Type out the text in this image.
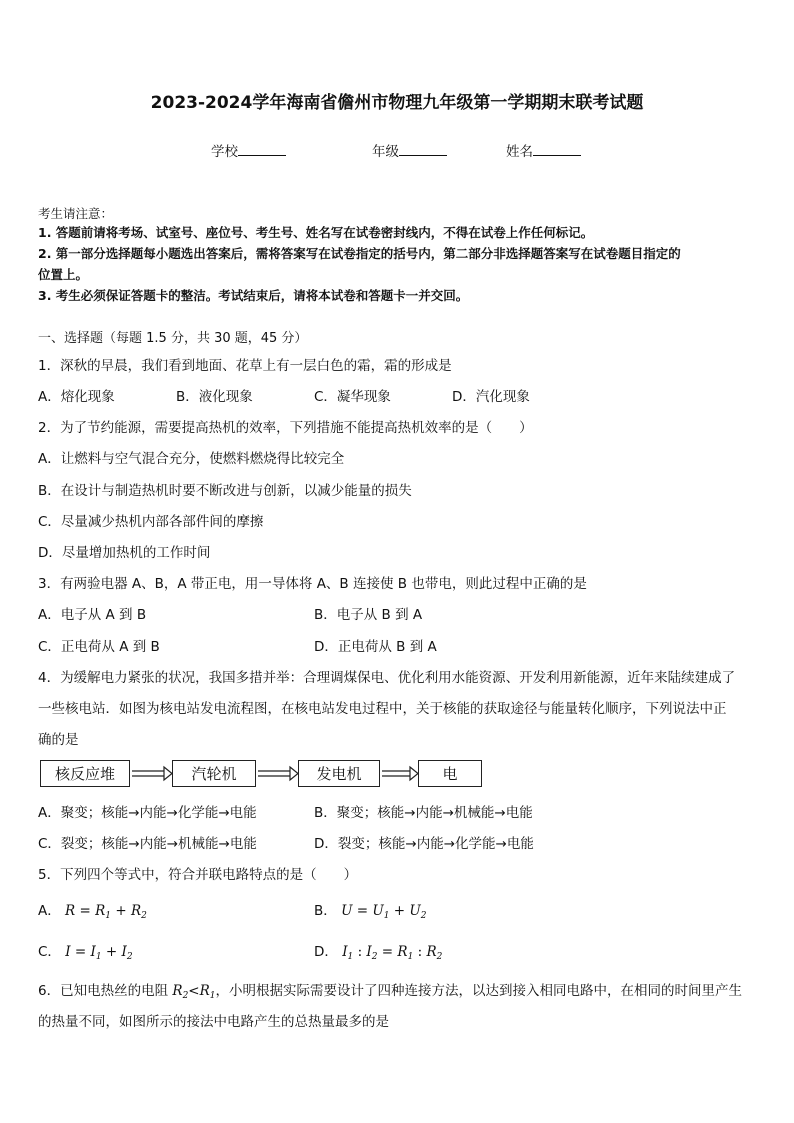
2023-2024学年海南省儋州市物理九年级第一学期期末联考试题
学校	年级	姓名
考生请注意：
1. 答题前请将考场、试室号、座位号、考生号、姓名写在试卷密封线内，不得在试卷上作任何标记。
2. 第一部分选择题每小题选出答案后，需将答案写在试卷指定的括号内，第二部分非选择题答案写在试卷题目指定的
位置上。
3. 考生必须保证答题卡的整洁。考试结束后，请将本试卷和答题卡一并交回。
一、选择题（每题 1.5 分，共 30 题，45 分）
1．深秋的早晨，我们看到地面、花草上有一层白色的霜，霜的形成是
A．熔化现象	B．液化现象	C．凝华现象	D．汽化现象
2．为了节约能源，需要提高热机的效率，下列措施不能提高热机效率的是（　　）
A．让燃料与空气混合充分，使燃料燃烧得比较完全
B．在设计与制造热机时要不断改进与创新，以减少能量的损失
C．尽量减少热机内部各部件间的摩擦
D．尽量增加热机的工作时间
3．有两验电器 A、B，A 带正电，用一导体将 A、B 连接使 B 也带电，则此过程中正确的是
A．电子从 A 到 B	B．电子从 B 到 A
C．正电荷从 A 到 B	D．正电荷从 B 到 A
4．为缓解电力紧张的状况，我国多措并举：合理调煤保电、优化利用水能资源、开发利用新能源，近年来陆续建成了
一些核电站．如图为核电站发电流程图，在核电站发电过程中，关于核能的获取途径与能量转化顺序，下列说法中正
确的是
核反应堆	汽轮机	发电机	电
A．聚变；核能→内能→化学能→电能	B．聚变；核能→内能→机械能→电能
C．裂变；核能→内能→机械能→电能	D．裂变；核能→内能→化学能→电能
5．下列四个等式中，符合并联电路特点的是（　　）
A． $R = R_1 + R_2$	B． $U = U_1 + U_2$
C． $I = I_1 + I_2$	D． $I_1$ : $I_2 = R_1$ : $R_2$
6．已知电热丝的电阻 $R_2<R_1$，小明根据实际需要设计了四种连接方法，以达到接入相同电路中，在相同的时间里产生
的热量不同，如图所示的接法中电路产生的总热量最多的是
